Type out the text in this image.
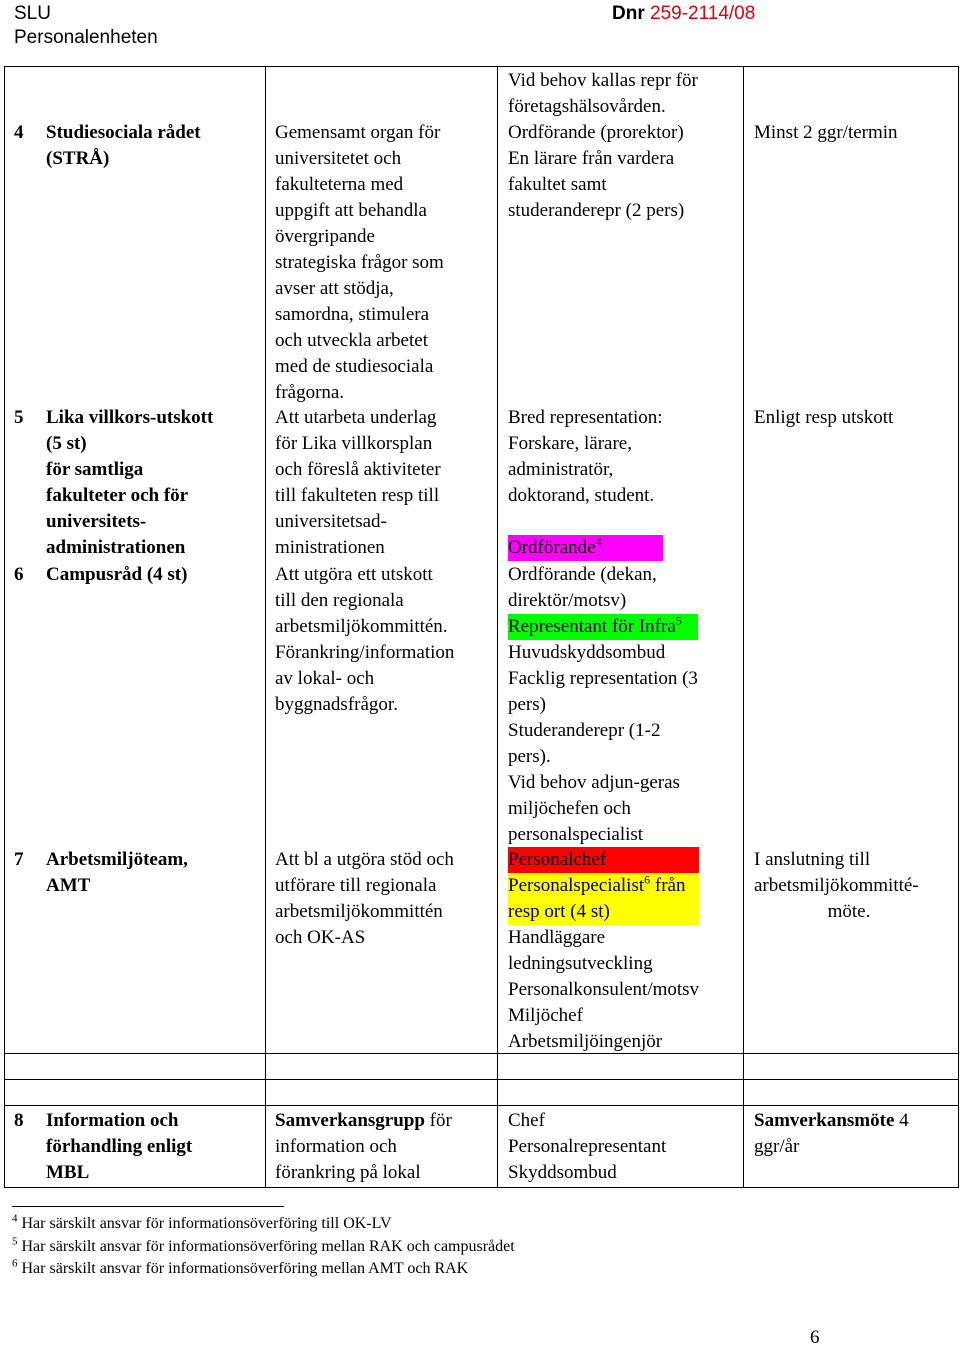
SLU
Personalenheten
Dnr 259-2114/08
Vid behov kallas repr för
företagshälsovården.
4 Studiesociala rådet
(STRÅ)
Gemensamt organ för
universitetet och
fakulteterna med
uppgift att behandla
övergripande
strategiska frågor som
avser att stödja,
samordna, stimulera
och utveckla arbetet
med de studiesociala
frågorna.
Ordförande (prorektor)
En lärare från vardera
fakultet samt
studeranderepr (2 pers)
Minst 2 ggr/termin
5 Lika villkors-utskott
(5 st)
för samtliga
fakulteter och för
universitets-
administrationen
Att utarbeta underlag
för Lika villkorsplan
och föreslå aktiviteter
till fakulteten resp till
universitetsad-
ministrationen
Bred representation:
Forskare, lärare,
administratör,
doktorand, student.
Ordförande$^4$
Enligt resp utskott
6 Campusråd (4 st)	Att utgöra ett utskott
till den regionala
arbetsmiljökommittén.
Förankring/information
av lokal- och
byggnadsfrågor.
Ordförande (dekan,
direktör/motsv)
Representant för Infra$^5$
Huvudskyddsombud
Facklig representation (3
pers)
Studeranderepr (1-2
pers).
Vid behov adjun-geras
miljöchefen och
personalspecialist
7 Arbetsmiljöteam,
AMT
Att bl a utgöra stöd och
utförare till regionala
arbetsmiljökommittén
och OK-AS
Personalchef
Personalspecialist$^6$ från
resp ort (4 st)
Handläggare
ledningsutveckling
Personalkonsulent/motsv
Miljöchef
Arbetsmiljöingenjör
I anslutning till
arbetsmiljökommitté-
möte.
8 Information och
förhandling enligt
MBL
Samverkansgrupp för
information och
förankring på lokal
Chef
Personalrepresentant
Skyddsombud
Samverkansmöte 4
ggr/år
$^4$ Har särskilt ansvar för informationsöverföring till OK-LV
$^5$ Har särskilt ansvar för informationsöverföring mellan RAK och campusrådet
$^6$ Har särskilt ansvar för informationsöverföring mellan AMT och RAK
6
